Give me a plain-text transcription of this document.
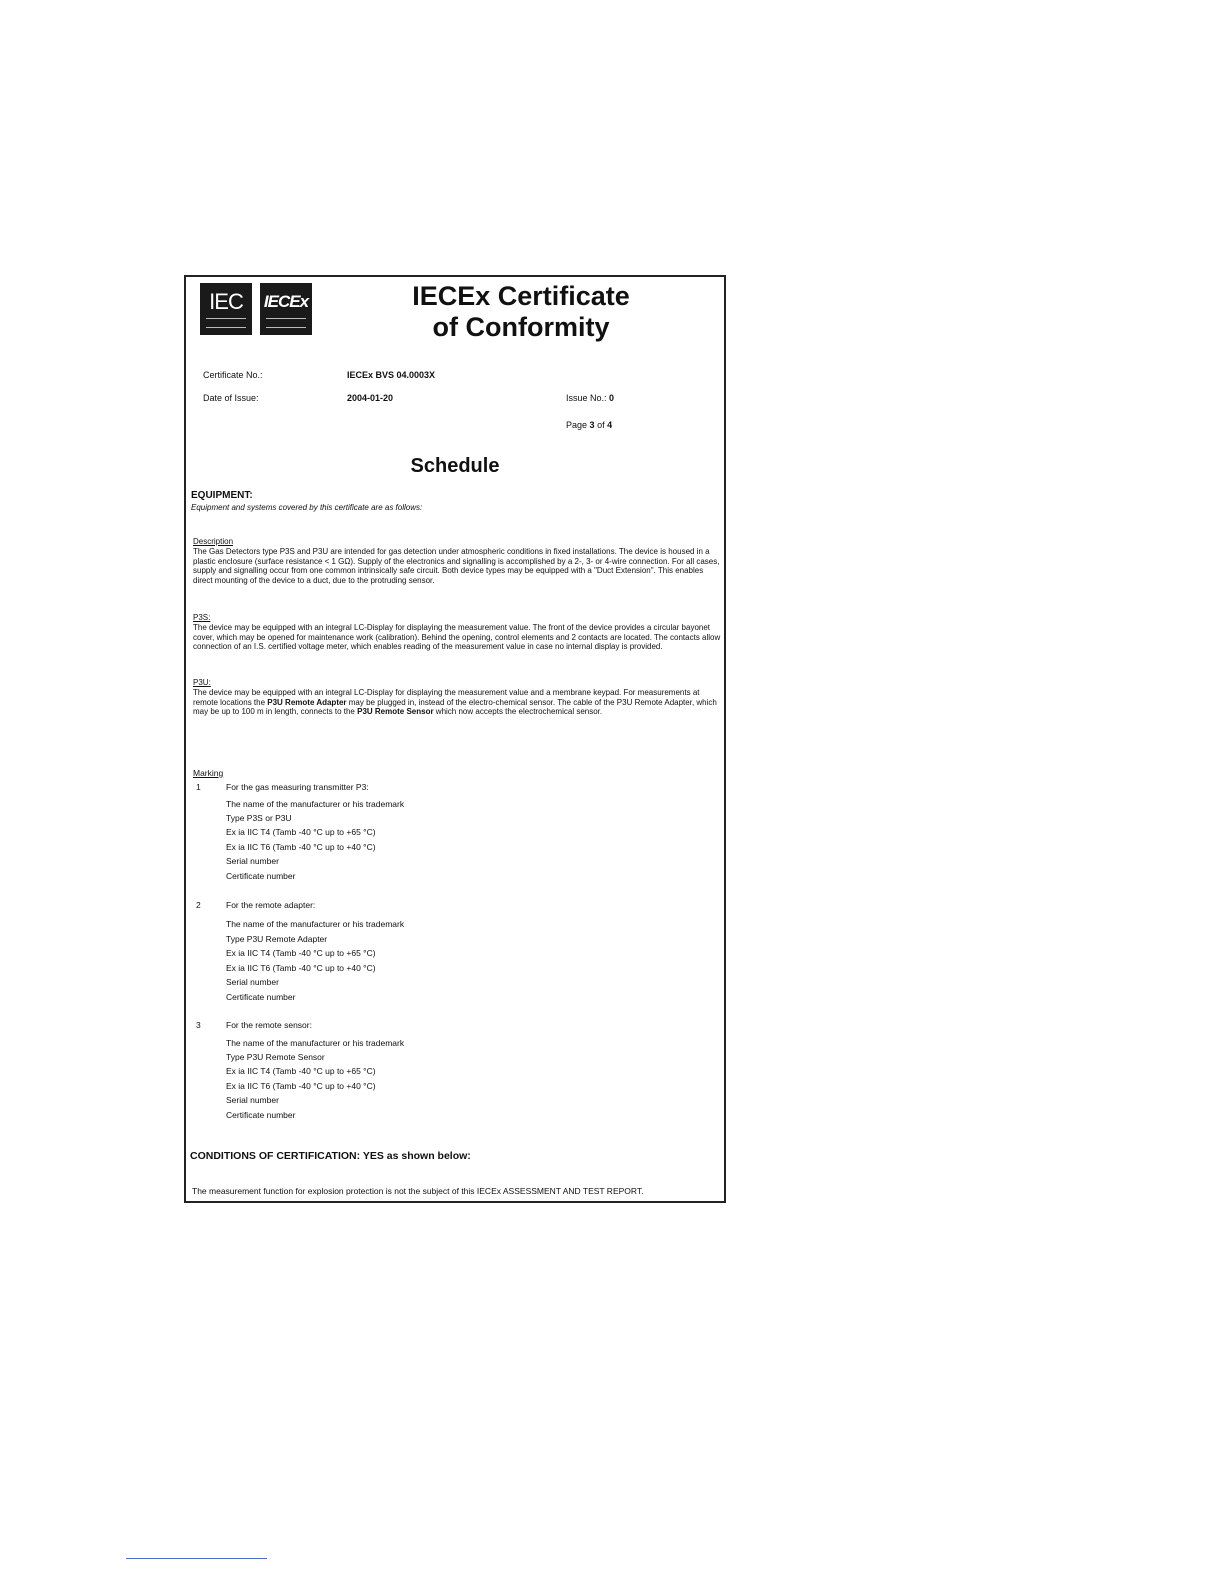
IEC	IECEx	IECEx Certificate
of Conformity
Certificate No.:	IECEx BVS 04.0003X
Date of Issue:	2004-01-20	Issue No.: 0
Page 3 of 4
Schedule
EQUIPMENT:
Equipment and systems covered by this certificate are as follows:
Description
The Gas Detectors type P3S and P3U are intended for gas detection under atmospheric conditions in fixed installations. The device is housed in a plastic enclosure (surface resistance < 1 GΩ). Supply of the electronics and signalling is accomplished by a 2-, 3- or 4-wire connection. For all cases, supply and signalling occur from one common intrinsically safe circuit. Both device types may be equipped with a "Duct Extension". This enables direct mounting of the device to a duct, due to the protruding sensor.
P3S:
The device may be equipped with an integral LC-Display for displaying the measurement value. The front of the device provides a circular bayonet cover, which may be opened for maintenance work (calibration). Behind the opening, control elements and 2 contacts are located. The contacts allow connection of an I.S. certified voltage meter, which enables reading of the measurement value in case no internal display is provided.
P3U:
The device may be equipped with an integral LC-Display for displaying the measurement value and a membrane keypad. For measurements at remote locations the P3U Remote Adapter may be plugged in, instead of the electro-chemical sensor. The cable of the P3U Remote Adapter, which may be up to 100 m in length, connects to the P3U Remote Sensor which now accepts the electrochemical sensor.
Marking
1	For the gas measuring transmitter P3:
The name of the manufacturer or his trademark
Type P3S or P3U
Ex ia IIC T4 (Tamb -40 °C up to +65 °C)
Ex ia IIC T6 (Tamb -40 °C up to +40 °C)
Serial number
Certificate number
2	For the remote adapter:
The name of the manufacturer or his trademark
Type P3U Remote Adapter
Ex ia IIC T4 (Tamb -40 °C up to +65 °C)
Ex ia IIC T6 (Tamb -40 °C up to +40 °C)
Serial number
Certificate number
3	For the remote sensor:
The name of the manufacturer or his trademark
Type P3U Remote Sensor
Ex ia IIC T4 (Tamb -40 °C up to +65 °C)
Ex ia IIC T6 (Tamb -40 °C up to +40 °C)
Serial number
Certificate number
CONDITIONS OF CERTIFICATION: YES as shown below:
The measurement function for explosion protection is not the subject of this IECEx ASSESSMENT AND TEST REPORT.
